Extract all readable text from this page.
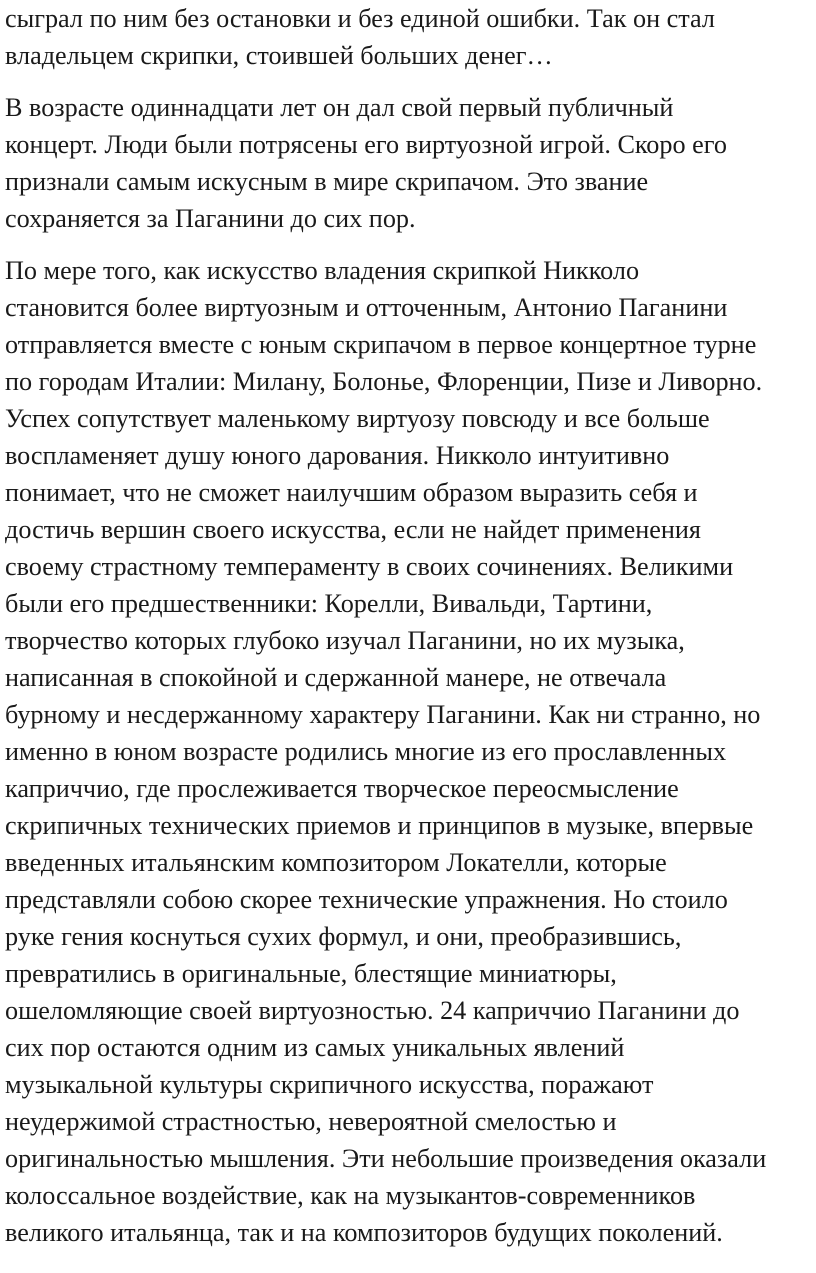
сыграл по ним без остановки и без единой ошибки. Так он стал
владельцем скрипки, стоившей больших денег…

В возрасте одиннадцати лет он дал свой первый публичный
концерт. Люди были потрясены его виртуозной игрой. Скоро его
признали самым искусным в мире скрипачом. Это звание
сохраняется за Паганини до сих пор.

По мере того, как искусство владения скрипкой Никколо
становится более виртуозным и отточенным, Антонио Паганини
отправляется вместе с юным скрипачом в первое концертное турне
по городам Италии: Милану, Болонье, Флоренции, Пизе и Ливорно.
Успех сопутствует маленькому виртуозу повсюду и все больше
воспламеняет душу юного дарования. Никколо интуитивно
понимает, что не сможет наилучшим образом выразить себя и
достичь вершин своего искусства, если не найдет применения
своему страстному темпераменту в своих сочинениях. Великими
были его предшественники: Корелли, Вивальди, Тартини,
творчество которых глубоко изучал Паганини, но их музыка,
написанная в спокойной и сдержанной манере, не отвечала
бурному и несдержанному характеру Паганини. Как ни странно, но
именно в юном возрасте родились многие из его прославленных
каприччио, где прослеживается творческое переосмысление
скрипичных технических приемов и принципов в музыке, впервые
введенных итальянским композитором Локателли, которые
представляли собою скорее технические упражнения. Но стоило
руке гения коснуться сухих формул, и они, преобразившись,
превратились в оригинальные, блестящие миниатюры,
ошеломляющие своей виртуозностью. 24 каприччио Паганини до
сих пор остаются одним из самых уникальных явлений
музыкальной культуры скрипичного искусства, поражают
неудержимой страстностью, невероятной смелостью и
оригинальностью мышления. Эти небольшие произведения оказали
колоссальное воздействие, как на музыкантов-современников
великого итальянца, так и на композиторов будущих поколений.
